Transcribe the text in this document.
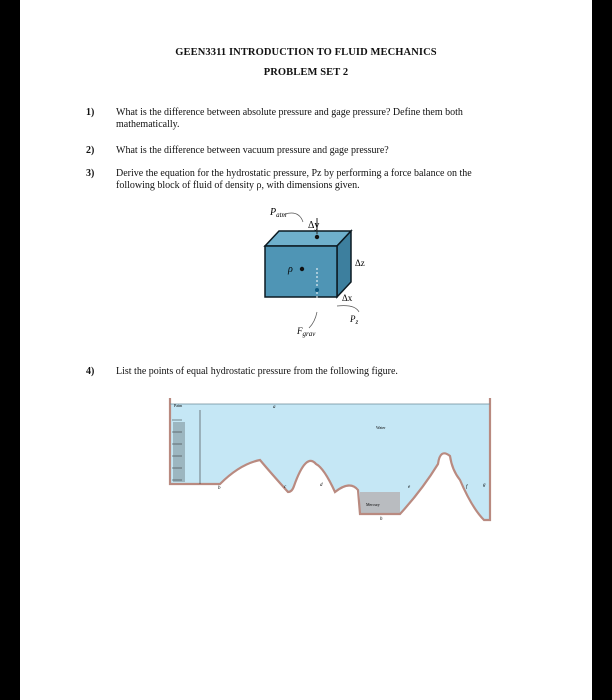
GEEN3311 INTRODUCTION TO FLUID MECHANICS
PROBLEM SET 2
1) What is the difference between absolute pressure and gage pressure? Define them both mathematically.
2) What is the difference between vacuum pressure and gage pressure?
3) Derive the equation for the hydrostatic pressure, Pz by performing a force balance on the following block of fluid of density ρ, with dimensions given.
$P_{atm}$
Δy
Δz
Δx
ρ
$P_z$
$F_{grav}$
4) List the points of equal hydrostatic pressure from the following figure.
Patm
Water
Mercury
a
b	c	d	e	f	g
h
